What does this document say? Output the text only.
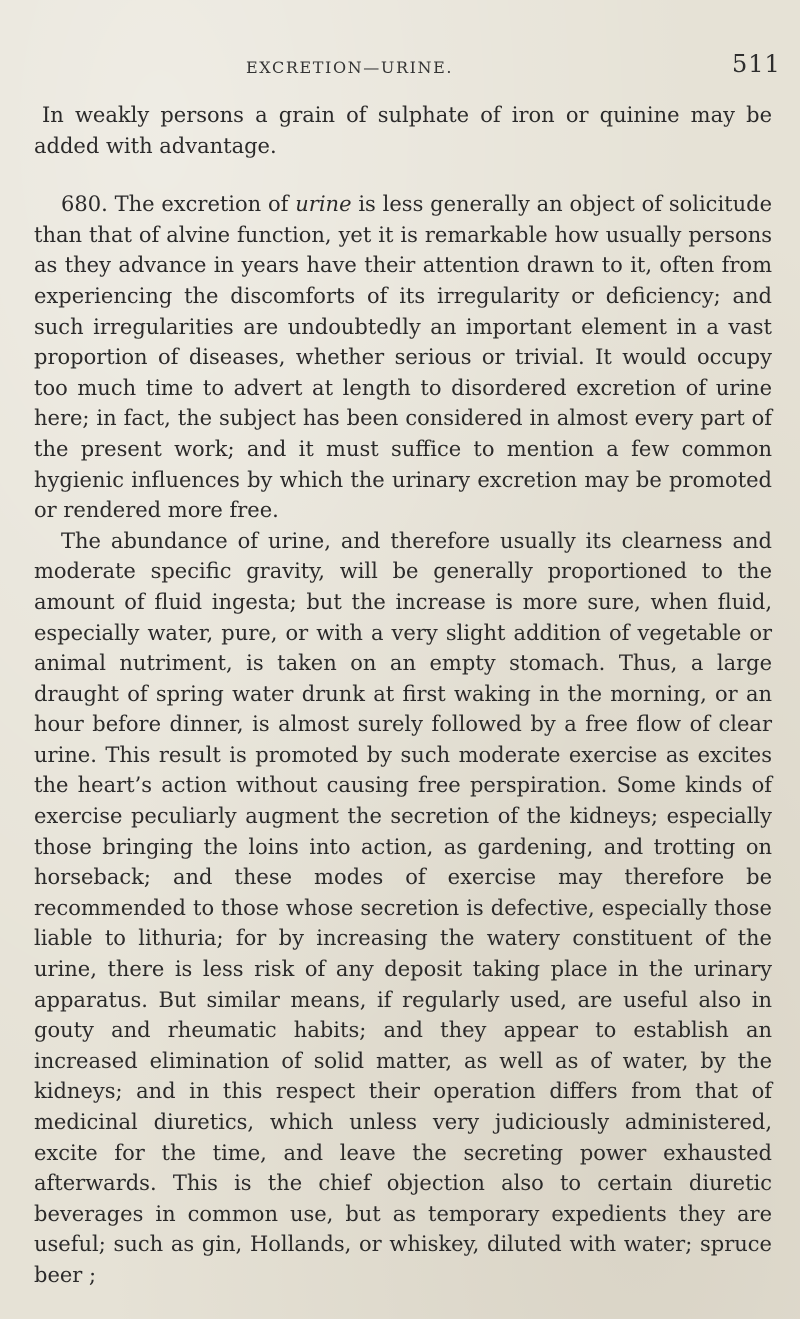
EXCRETION—URINE.	511

In weakly persons a grain of sulphate of iron or quinine may be added with advantage.

680. The excretion of urine is less generally an object of solicitude than that of alvine function, yet it is remarkable how usually persons as they advance in years have their attention drawn to it, often from experiencing the discomforts of its irregularity or deficiency; and such irregularities are undoubtedly an important element in a vast proportion of diseases, whether serious or trivial. It would occupy too much time to advert at length to disordered excretion of urine here; in fact, the subject has been considered in almost every part of the present work; and it must suffice to mention a few common hygienic influences by which the urinary excretion may be promoted or rendered more free.

The abundance of urine, and therefore usually its clearness and moderate specific gravity, will be generally proportioned to the amount of fluid ingesta; but the increase is more sure, when fluid, especially water, pure, or with a very slight addition of vegetable or animal nutriment, is taken on an empty stomach. Thus, a large draught of spring water drunk at first waking in the morning, or an hour before dinner, is almost surely followed by a free flow of clear urine. This result is promoted by such moderate exercise as excites the heart’s action without causing free perspiration. Some kinds of exercise peculiarly augment the secretion of the kidneys; especially those bringing the loins into action, as gardening, and trotting on horseback; and these modes of exercise may therefore be recommended to those whose secretion is defective, especially those liable to lithuria; for by increasing the watery constituent of the urine, there is less risk of any deposit taking place in the urinary apparatus. But similar means, if regularly used, are useful also in gouty and rheumatic habits; and they appear to establish an increased elimination of solid matter, as well as of water, by the kidneys; and in this respect their operation differs from that of medicinal diuretics, which unless very judiciously administered, excite for the time, and leave the secreting power exhausted afterwards. This is the chief objection also to certain diuretic beverages in common use, but as temporary expedients they are useful; such as gin, Hollands, or whiskey, diluted with water; spruce beer ;
